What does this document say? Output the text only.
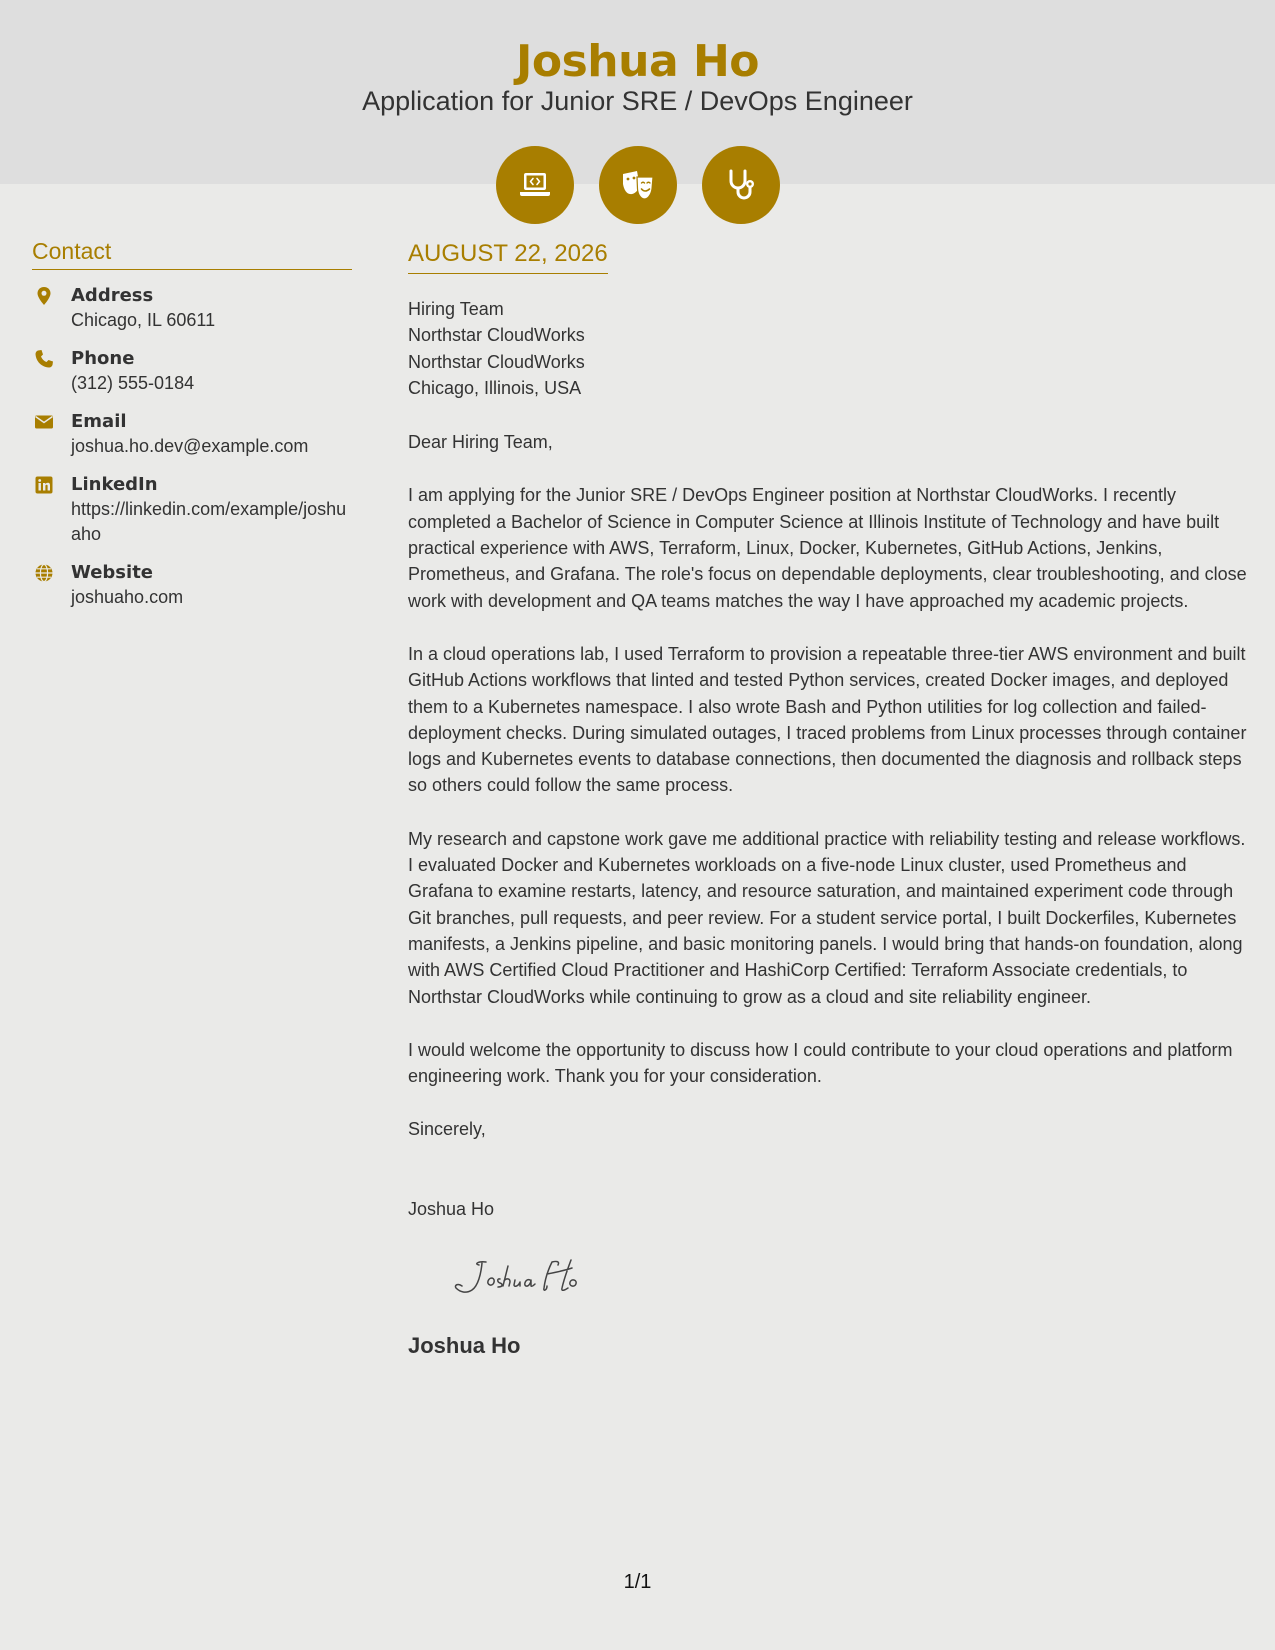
Joshua Ho
Application for Junior SRE / DevOps Engineer
Contact
Address
Chicago, IL 60611
Phone
(312) 555-0184
Email
joshua.ho.dev@example.com
LinkedIn
https://linkedin.com/example/joshuaho
Website
joshuaho.com
AUGUST 22, 2026
Hiring Team
Northstar CloudWorks
Northstar CloudWorks
Chicago, Illinois, USA
Dear Hiring Team,
I am applying for the Junior SRE / DevOps Engineer position at Northstar CloudWorks. I recently completed a Bachelor of Science in Computer Science at Illinois Institute of Technology and have built practical experience with AWS, Terraform, Linux, Docker, Kubernetes, GitHub Actions, Jenkins, Prometheus, and Grafana. The role's focus on dependable deployments, clear troubleshooting, and close work with development and QA teams matches the way I have approached my academic projects.
In a cloud operations lab, I used Terraform to provision a repeatable three-tier AWS environment and built GitHub Actions workflows that linted and tested Python services, created Docker images, and deployed them to a Kubernetes namespace. I also wrote Bash and Python utilities for log collection and failed-deployment checks. During simulated outages, I traced problems from Linux processes through container logs and Kubernetes events to database connections, then documented the diagnosis and rollback steps so others could follow the same process.
My research and capstone work gave me additional practice with reliability testing and release workflows. I evaluated Docker and Kubernetes workloads on a five-node Linux cluster, used Prometheus and Grafana to examine restarts, latency, and resource saturation, and maintained experiment code through Git branches, pull requests, and peer review. For a student service portal, I built Dockerfiles, Kubernetes manifests, a Jenkins pipeline, and basic monitoring panels. I would bring that hands-on foundation, along with AWS Certified Cloud Practitioner and HashiCorp Certified: Terraform Associate credentials, to Northstar CloudWorks while continuing to grow as a cloud and site reliability engineer.
I would welcome the opportunity to discuss how I could contribute to your cloud operations and platform engineering work. Thank you for your consideration.
Sincerely,
Joshua Ho
Joshua Ho
1/1
